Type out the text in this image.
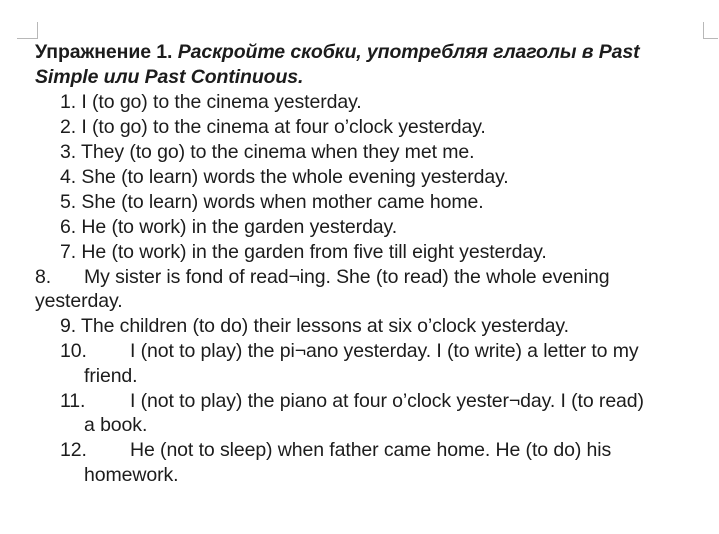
Упражнение 1. Раскройте скобки, употребляя глаголы в Past
Simple или Past Continuous.
1. I (to go) to the cinema yesterday.
2. I (to go) to the cinema at four o’clock yesterday.
3. They (to go) to the cinema when they met me.
4. She (to learn) words the whole evening yesterday.
5. She (to learn) words when mother came home.
6. He (to work) in the garden yesterday.
7. He (to work) in the garden from five till eight yesterday.
8. My sister is fond of read¬ing. She (to read) the whole evening
yesterday.
9. The children (to do) their lessons at six o’clock yesterday.
10. I (not to play) the pi¬ano yesterday. I (to write) a letter to my
friend.
11. I (not to play) the piano at four o’clock yester¬day. I (to read)
a book.
12. He (not to sleep) when father came home. He (to do) his
homework.
